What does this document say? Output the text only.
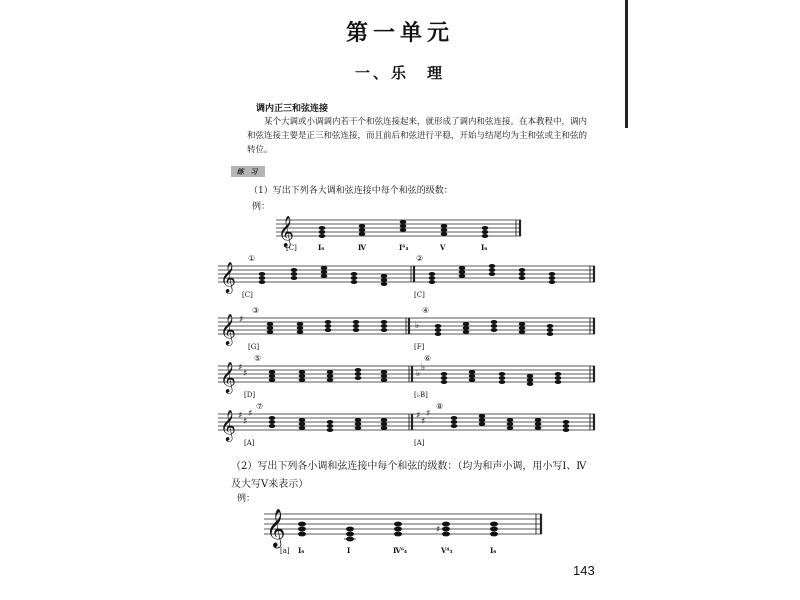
第一单元
一、乐　理
调内正三和弦连接

某个大调或小调调内若干个和弦连接起来，就形成了调内和弦连接。在本教程中，调内和弦连接主要是正三和弦连接，而且前后和弦进行平稳，开始与结尾均为主和弦或主和弦的转位。

练 习
（1）写出下列各大调和弦连接中每个和弦的级数：
例：
𝄞
[C]	I₆	Ⅳ	I⁶₄	Ⅴ	I₆
𝄞
①	②
[C]	[C]
𝄞 ♯
♭
③	④
[G]	[F]
𝄞 ♯
♯	♭
♭
⑤	⑥
[D]	[♭B]
𝄞 ♯
♯
♯	♯
♯
♯
⑦	⑧
[A]	[A]

（2）写出下列各小调和弦连接中每个和弦的级数：（均为和声小调，用小写Ⅰ、Ⅳ及大写Ⅴ来表示）

例：
𝄞	♯
[a] I₆	Ⅰ	Ⅳ⁶₄	Ⅴ⁴₃	I₆
143
